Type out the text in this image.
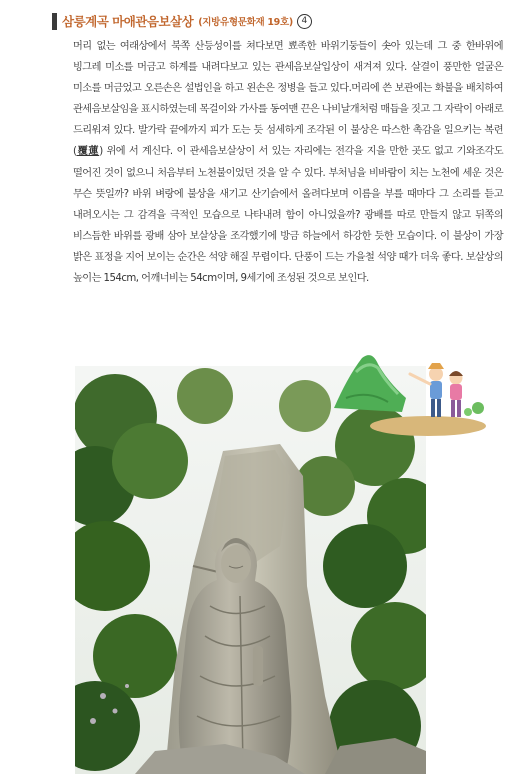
삼릉계곡 마애관음보살상 (지방유형문화재 19호) 4

머리 없는 여래상에서 북쪽 산등성이를 쳐다보면 뾰족한 바위기둥들이 솟아 있는데 그 중 한바위에 빙그레 미소를 머금고 하계를 내려다보고 있는 관세음보살입상이 새겨져 있다. 살결이 풍만한 얼굴은 미소를 머금었고 오른손은 설법인을 하고 왼손은 정병을 들고 있다.머리에 쓴 보관에는 화불을 배치하여 관세음보살임을 표시하였는데 목걸이와 가사를 동여맨 끈은 나비날개처럼 매듭을 짓고 그 자락이 아래로 드리워져 있다. 발가락 끝에까지 피가 도는 듯 섬세하게 조각된 이 불상은 따스한 촉감을 일으키는 복련(覆蓮) 위에 서 계신다. 이 관세음보살상이 서 있는 자리에는 전각을 지을 만한 곳도 없고 기와조각도 떨어진 것이 없으니 처음부터 노천불이었던 것을 알 수 있다. 부처님을 비바람이 치는 노천에 세운 것은 무슨 뜻일까? 바위 벼랑에 불상을 새기고 산기슭에서 올려다보며 이름을 부를 때마다 그 소리를 듣고 내려오시는 그 감격을 극적인 모습으로 나타내려 함이 아니었을까? 광배를 따로 만들지 않고 뒤쪽의 비스듬한 바위를 광배 삼아 보살상을 조각했기에 방금 하늘에서 하강한 듯한 모습이다. 이 불상이 가장 밝은 표정을 지어 보이는 순간은 석양 해질 무렵이다. 단풍이 드는 가을철 석양 때가 더욱 좋다. 보살상의 높이는 154cm, 어깨너비는 54cm이며, 9세기에 조성된 것으로 보인다.
